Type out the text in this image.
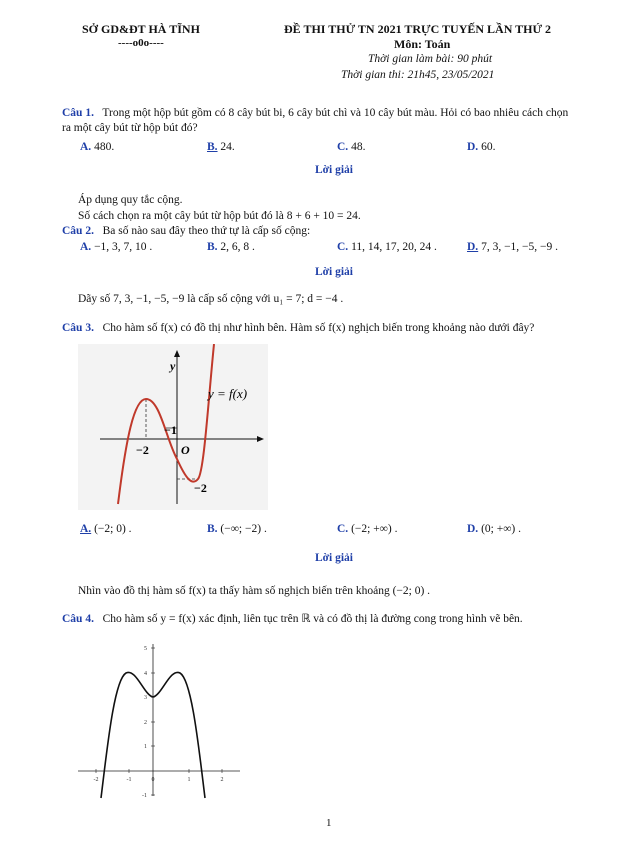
SỞ GD&ĐT HÀ TĨNH
----o0o----
ĐỀ THI THỬ TN 2021 TRỰC TUYẾN LẦN THỨ 2
Môn: Toán
Thời gian làm bài: 90 phút
Thời gian thi: 21h45, 23/05/2021
Câu 1. Trong một hộp bút gồm có 8 cây bút bi, 6 cây bút chì và 10 cây bút màu. Hỏi có bao nhiêu cách chọn
ra một cây bút từ hộp bút đó?
A. 480.	B. 24.	C. 48.	D. 60.
Lời giải
Áp dụng quy tắc cộng.
Số cách chọn ra một cây bút từ hộp bút đó là 8 + 6 + 10 = 24.
Câu 2. Ba số nào sau đây theo thứ tự là cấp số cộng:
A. −1, 3, 7, 10 .	B. 2, 6, 8 .	C. 11, 14, 17, 20, 24 .	D. 7, 3, −1, −5, −9 .
Lời giải
Dãy số 7, 3, −1, −5, −9 là cấp số cộng với u₁ = 7; d = −4 .
Câu 3. Cho hàm số f(x) có đồ thị như hình bên. Hàm số f(x) nghịch biến trong khoảng nào dưới đây?
y = f(x)
y
O
−2
−1
−2
A. (−2; 0) .	B. (−∞; −2) .	C. (−2; +∞) .	D. (0; +∞) .
Lời giải
Nhìn vào đồ thị hàm số f(x) ta thấy hàm số nghịch biến trên khoảng (−2; 0) .
Câu 4. Cho hàm số y = f(x) xác định, liên tục trên ℝ và có đồ thị là đường cong trong hình vẽ bên.
5
4
3
2
1
-1
-2	-1	0	1	2
1
